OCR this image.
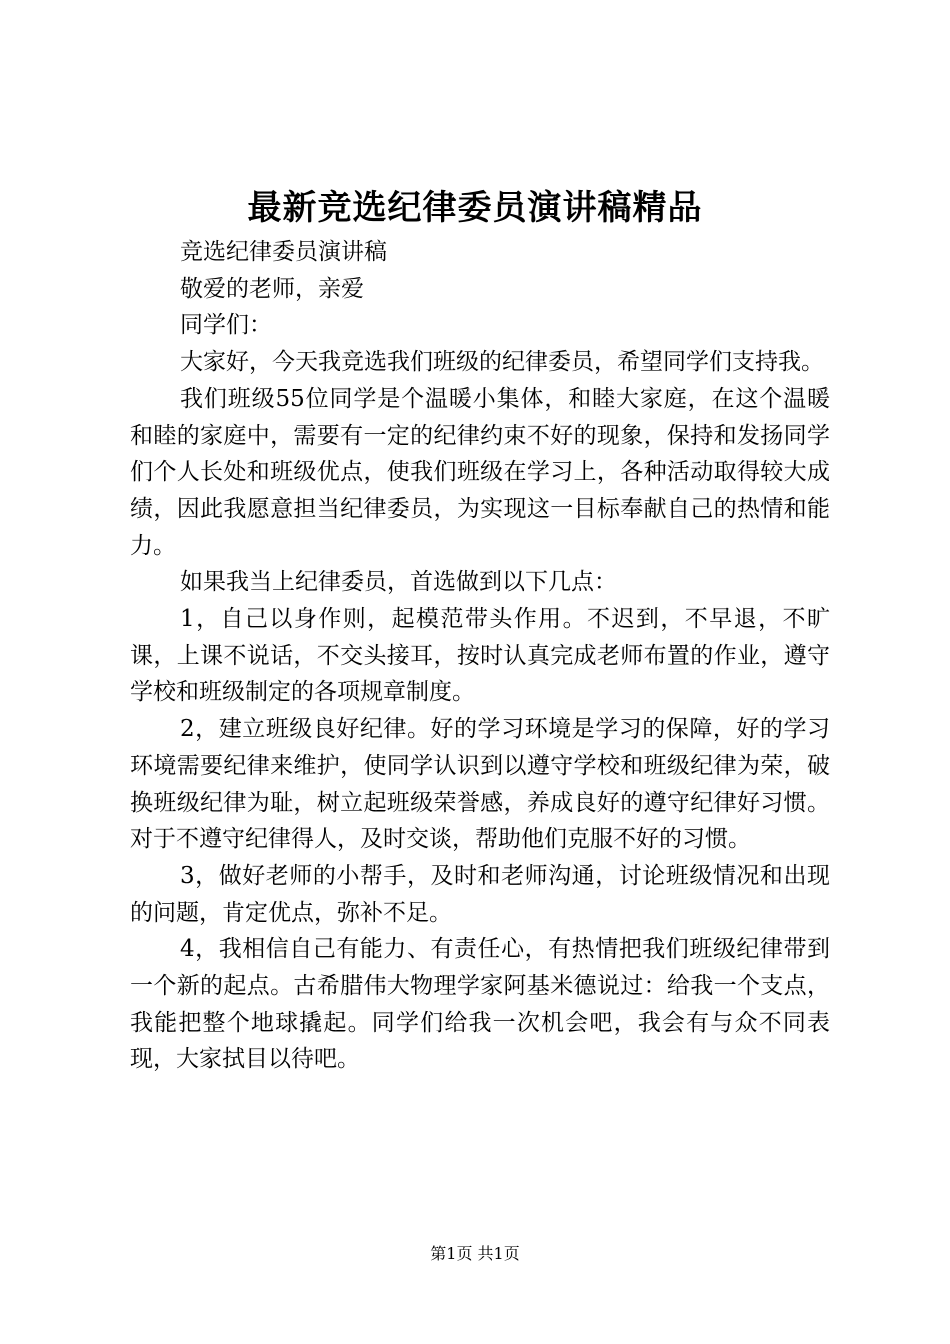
最新竞选纪律委员演讲稿精品

竞选纪律委员演讲稿

敬爱的老师，亲爱

同学们：

大家好，今天我竞选我们班级的纪律委员，希望同学们支持我。

我们班级55位同学是个温暖小集体，和睦大家庭，在这个温暖和睦的家庭中，需要有一定的纪律约束不好的现象，保持和发扬同学们个人长处和班级优点，使我们班级在学习上，各种活动取得较大成绩，因此我愿意担当纪律委员，为实现这一目标奉献自己的热情和能力。

如果我当上纪律委员，首选做到以下几点：

1，自己以身作则，起模范带头作用。不迟到，不早退，不旷课，上课不说话，不交头接耳，按时认真完成老师布置的作业，遵守学校和班级制定的各项规章制度。

2，建立班级良好纪律。好的学习环境是学习的保障，好的学习环境需要纪律来维护，使同学认识到以遵守学校和班级纪律为荣，破换班级纪律为耻，树立起班级荣誉感，养成良好的遵守纪律好习惯。对于不遵守纪律得人，及时交谈，帮助他们克服不好的习惯。

3，做好老师的小帮手，及时和老师沟通，讨论班级情况和出现的问题，肯定优点，弥补不足。

4，我相信自己有能力、有责任心，有热情把我们班级纪律带到一个新的起点。古希腊伟大物理学家阿基米德说过：给我一个支点，我能把整个地球撬起。同学们给我一次机会吧，我会有与众不同表现，大家拭目以待吧。

第1页 共1页
